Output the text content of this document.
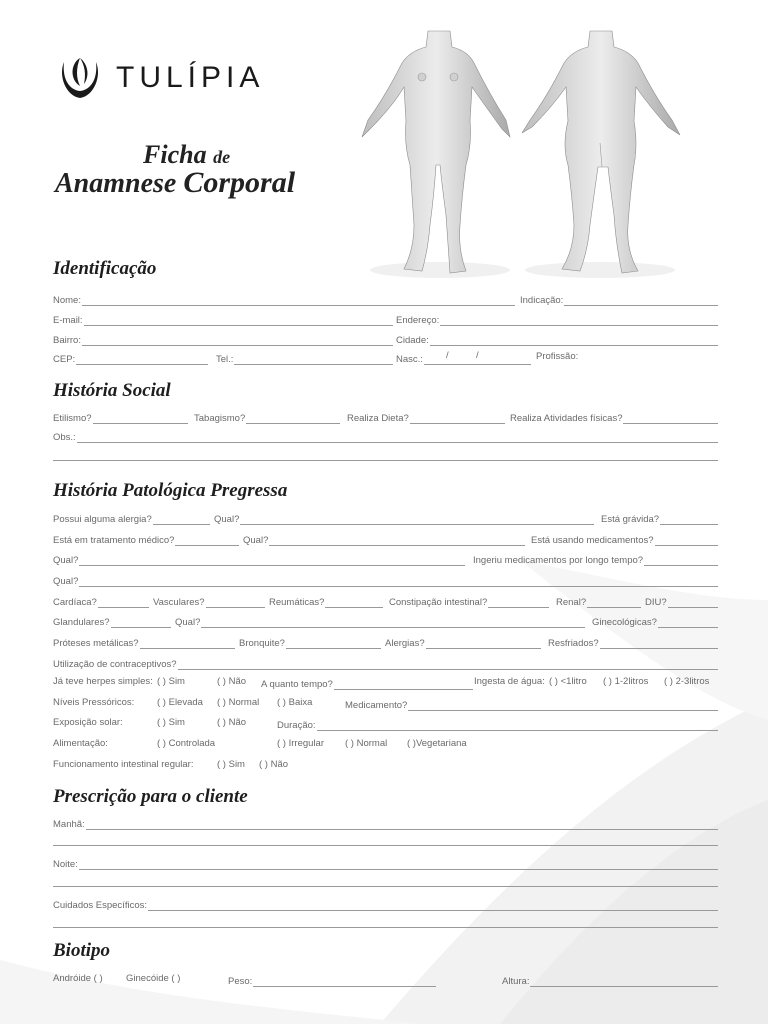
TULÍPIA
Ficha de
Anamnese Corporal
Identificação
Nome:	Indicação:
E-mail:	Endereço:
Bairro:	Cidade:
CEP:	Tel.:	Nasc.: /	/	Profissão:
História Social
Etilismo?	Tabagismo?	Realiza Dieta?	Realiza Atividades físicas?
Obs.:
História Patológica Pregressa
Possui alguma alergia?	Qual?	Está grávida?
Está em tratamento médico?	Qual?	Está usando medicamentos?
Qual?	Ingeriu medicamentos por longo tempo?
Qual?
Cardíaca?	Vasculares?	Reumáticas?	Constipação intestinal?	Renal?	DIU?
Glandulares?	Qual?	Ginecológicas?
Próteses metálicas?	Bronquite?	Alergias?	Resfriados?
Utilização de contraceptivos?
Já teve herpes simples: ( ) Sim	( ) Não A quanto tempo?	Ingesta de água: ( ) <1litro ( ) 1-2litros ( ) 2-3litros
Níveis Pressóricos: ( ) Elevada ( ) Normal ( ) Baixa	Medicamento?
Exposição solar:	( ) Sim	( ) Não	Duração:
Alimentação:	( ) Controlada	( ) Irregular ( ) Normal ( )Vegetariana
Funcionamento intestinal regular: ( ) Sim ( ) Não
Prescrição para o cliente
Manhã:
Noite:
Cuidados Específicos:
Biotipo
Andróide ( ) Ginecóide ( )	Peso:	Altura:
